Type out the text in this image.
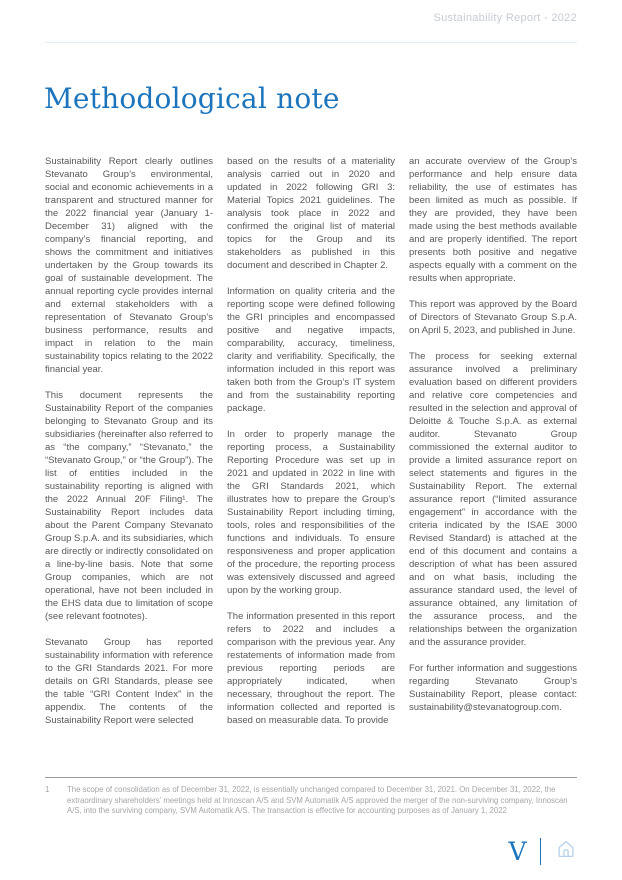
Sustainability Report - 2022
Methodological note

Sustainability Report clearly outlines Stevanato Group’s environmental, social and economic achievements in a transparent and structured manner for the 2022 financial year (January 1-December 31) aligned with the company’s financial reporting, and shows the commitment and initiatives undertaken by the Group towards its goal of sustainable development. The annual reporting cycle provides internal and external stakeholders with a representation of Stevanato Group’s business performance, results and impact in relation to the main sustainability topics relating to the 2022 financial year.

This document represents the Sustainability Report of the companies belonging to Stevanato Group and its subsidiaries (hereinafter also referred to as “the company,” “Stevanato,” the “Stevanato Group,” or “the Group”). The list of entities included in the sustainability reporting is aligned with the 2022 Annual 20F Filing¹. The Sustainability Report includes data about the Parent Company Stevanato Group S.p.A. and its subsidiaries, which are directly or indirectly consolidated on a line-by-line basis. Note that some Group companies, which are not operational, have not been included in the EHS data due to limitation of scope (see relevant footnotes).

Stevanato Group has reported sustainability information with reference to the GRI Standards 2021. For more details on GRI Standards, please see the table “GRI Content Index” in the appendix. The contents of the Sustainability Report were selected

based on the results of a materiality analysis carried out in 2020 and updated in 2022 following GRI 3: Material Topics 2021 guidelines. The analysis took place in 2022 and confirmed the original list of material topics for the Group and its stakeholders as published in this document and described in Chapter 2.

Information on quality criteria and the reporting scope were defined following the GRI principles and encompassed positive and negative impacts, comparability, accuracy, timeliness, clarity and verifiability. Specifically, the information included in this report was taken both from the Group’s IT system and from the sustainability reporting package.

In order to properly manage the reporting process, a Sustainability Reporting Procedure was set up in 2021 and updated in 2022 in line with the GRI Standards 2021, which illustrates how to prepare the Group’s Sustainability Report including timing, tools, roles and responsibilities of the functions and individuals. To ensure responsiveness and proper application of the procedure, the reporting process was extensively discussed and agreed upon by the working group.

The information presented in this report refers to 2022 and includes a comparison with the previous year. Any restatements of information made from previous reporting periods are appropriately indicated, when necessary, throughout the report. The information collected and reported is based on measurable data. To provide

an accurate overview of the Group’s performance and help ensure data reliability, the use of estimates has been limited as much as possible. If they are provided, they have been made using the best methods available and are properly identified. The report presents both positive and negative aspects equally with a comment on the results when appropriate.

This report was approved by the Board of Directors of Stevanato Group S.p.A. on April 5, 2023, and published in June.

The process for seeking external assurance involved a preliminary evaluation based on different providers and relative core competencies and resulted in the selection and approval of Deloitte & Touche S.p.A. as external auditor. Stevanato Group commissioned the external auditor to provide a limited assurance report on select statements and figures in the Sustainability Report. The external assurance report (“limited assurance engagement” in accordance with the criteria indicated by the ISAE 3000 Revised Standard) is attached at the end of this document and contains a description of what has been assured and on what basis, including the assurance standard used, the level of assurance obtained, any limitation of the assurance process, and the relationships between the organization and the assurance provider.

For further information and suggestions regarding Stevanato Group’s Sustainability Report, please contact: sustainability@stevanatogroup.com.

1	The scope of consolidation as of December 31, 2022, is essentially unchanged compared to December 31, 2021. On December 31, 2022, the extraordinary shareholders’ meetings held at Innoscan A/S and SVM Automatik A/S approved the merger of the non-surviving company, Innoscan A/S, into the surviving company, SVM Automatik A/S. The transaction is effective for accounting purposes as of January 1, 2022
V
